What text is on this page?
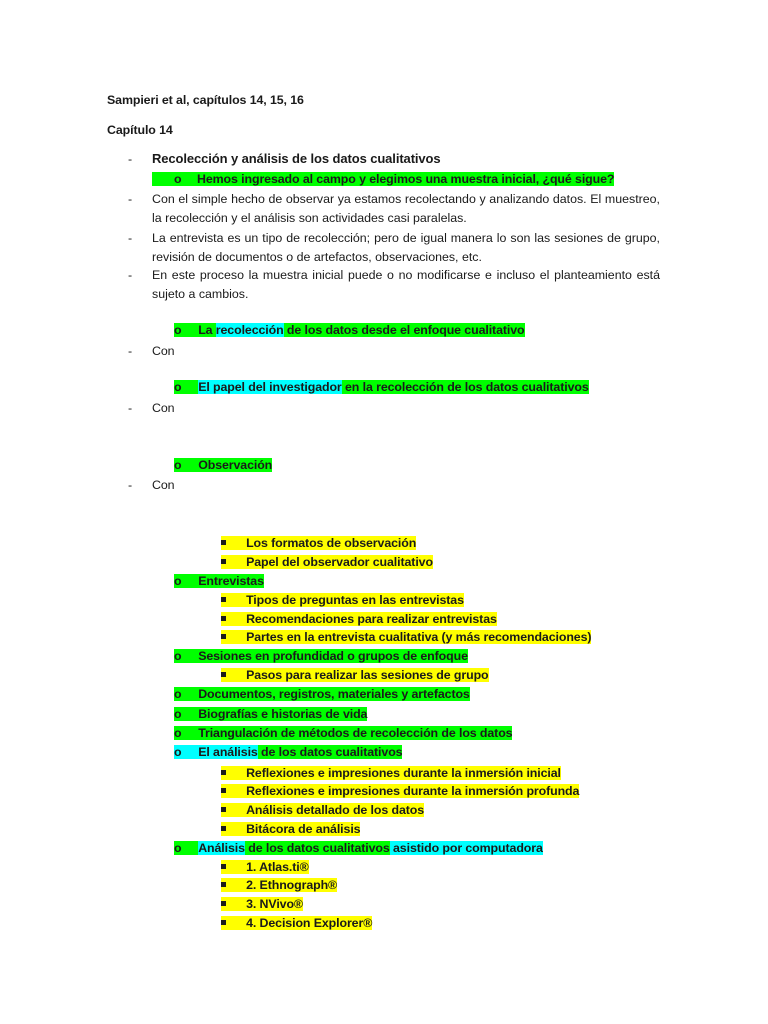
Sampieri et al, capítulos 14, 15, 16
Capítulo 14
Recolección y análisis de los datos cualitativos
-
o Hemos ingresado al campo y elegimos una muestra inicial, ¿qué sigue?
- Con el simple hecho de observar ya estamos recolectando y analizando datos. El muestreo, la recolección y el análisis son actividades casi paralelas.
- La entrevista es un tipo de recolección; pero de igual manera lo son las sesiones de grupo, revisión de documentos o de artefactos, observaciones, etc.
- En este proceso la muestra inicial puede o no modificarse e incluso el planteamiento está sujeto a cambios.
o La recolección de los datos desde el enfoque cualitativo
- Con
o El papel del investigador en la recolección de los datos cualitativos
- Con
o Observación
- Con
Los formatos de observación
Papel del observador cualitativo
o Entrevistas
Tipos de preguntas en las entrevistas
Recomendaciones para realizar entrevistas
Partes en la entrevista cualitativa (y más recomendaciones)
o Sesiones en profundidad o grupos de enfoque
Pasos para realizar las sesiones de grupo
o Documentos, registros, materiales y artefactos
o Biografías e historias de vida
o Triangulación de métodos de recolección de los datos
o El análisis de los datos cualitativos
Reflexiones e impresiones durante la inmersión inicial
Reflexiones e impresiones durante la inmersión profunda
Análisis detallado de los datos
Bitácora de análisis
o Análisis de los datos cualitativos asistido por computadora
1. Atlas.ti®
2. Ethnograph®
3. NVivo®
4. Decision Explorer®
